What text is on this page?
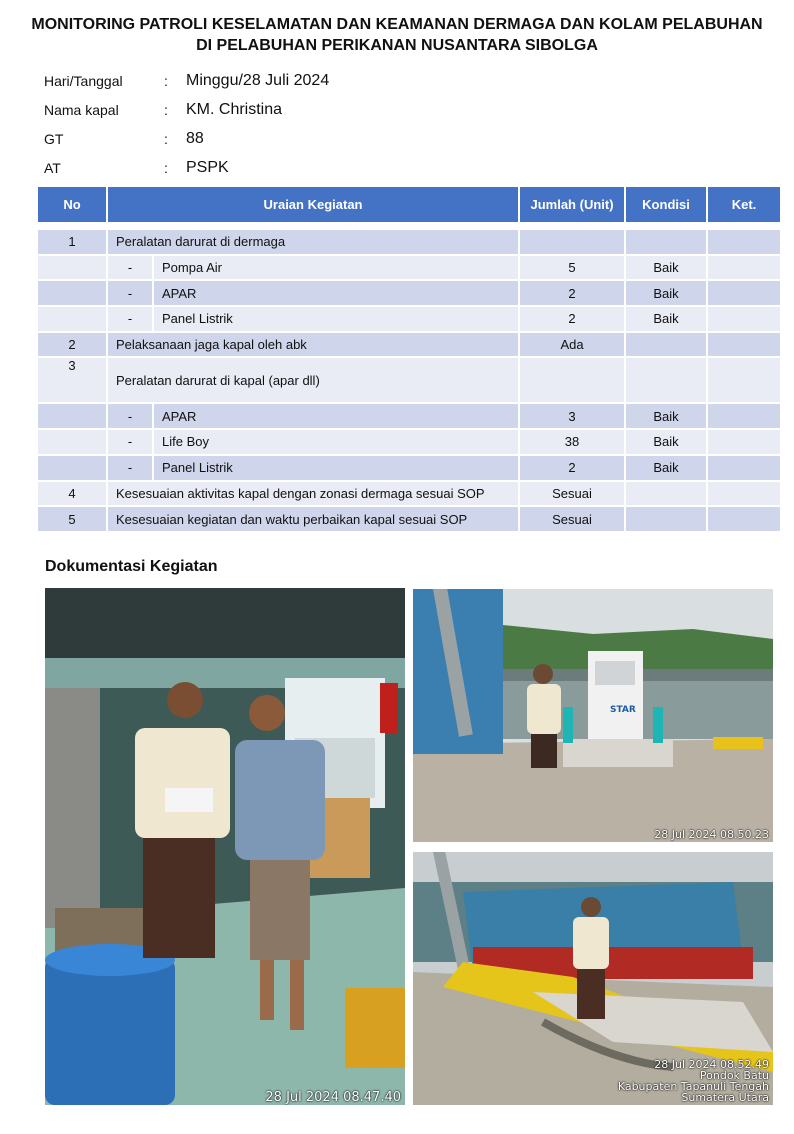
MONITORING PATROLI KESELAMATAN DAN KEAMANAN DERMAGA DAN KOLAM PELABUHAN
DI PELABUHAN PERIKANAN NUSANTARA SIBOLGA
Hari/Tanggal	:	Minggu/28 Juli 2024
Nama kapal	:	KM. Christina
GT	:	88
AT	:	PSPK
No	Uraian Kegiatan		Jumlah (Unit)	Kondisi	Ket.

1	Peralatan darurat di dermaga				
	-	Pompa Air	5	Baik	
	-	APAR	2	Baik	
	-	Panel Listrik	2	Baik	
2	Pelaksanaan jaga kapal oleh abk		Ada		
3	Peralatan darurat di kapal (apar dll)				
	-	APAR	3	Baik	
	-	Life Boy	38	Baik	
	-	Panel Listrik	2	Baik	
4	Kesesuaian aktivitas kapal dengan zonasi dermaga sesuai SOP		Sesuai		
5	Kesesuaian kegiatan dan waktu perbaikan kapal sesuai SOP		Sesuai		
Dokumentasi Kegiatan
28 Jul 2024 08.47.40
STAR
28 Jul 2024 08.50.23
28 Jul 2024 08.52.49
Pondok Batu
Kabupaten Tapanuli Tengah
Sumatera Utara
